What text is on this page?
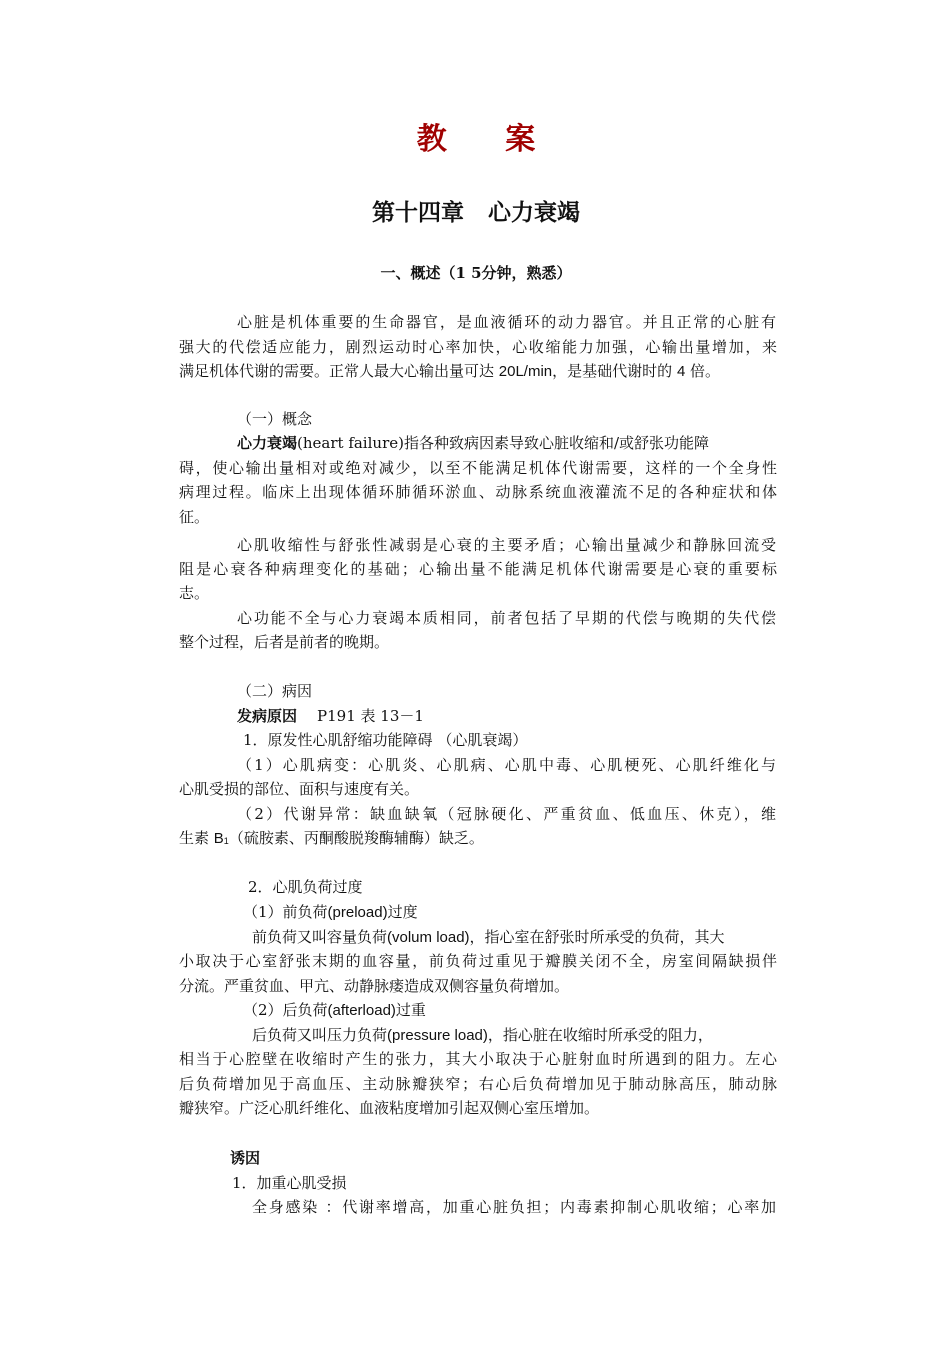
教 案
第十四章   心力衰竭
一、概述（1 5分钟，熟悉）

心脏是机体重要的生命器官，是血液循环的动力器官。并且正常的心脏有

强大的代偿适应能力，剧烈运动时心率加快，心收缩能力加强，心输出量增加，来

满足机体代谢的需要。正常人最大心输出量可达 20L/min，是基础代谢时的 4 倍。

（一）概念

心力衰竭(heart failure)指各种致病因素导致心脏收缩和/或舒张功能障

碍，使心输出量相对或绝对减少，以至不能满足机体代谢需要，这样的一个全身性

病理过程。临床上出现体循环肺循环淤血、动脉系统血液灌流不足的各种症状和体

征。

心肌收缩性与舒张性减弱是心衰的主要矛盾；心输出量减少和静脉回流受

阻是心衰各种病理变化的基础；心输出量不能满足机体代谢需要是心衰的重要标

志。

心功能不全与心力衰竭本质相同，前者包括了早期的代偿与晚期的失代偿

整个过程，后者是前者的晚期。

（二）病因

发病原因 P191 表 13－1

1．原发性心肌舒缩功能障碍 （心肌衰竭）

（1）心肌病变：心肌炎、心肌病、心肌中毒、心肌梗死、心肌纤维化与

心肌受损的部位、面积与速度有关。

（2）代谢异常：缺血缺氧（冠脉硬化、严重贫血、低血压、休克），维

生素 $B_1$（硫胺素、丙酮酸脱羧酶辅酶）缺乏。

2．心肌负荷过度

（1）前负荷(preload)过度

前负荷又叫容量负荷(volum load)，指心室在舒张时所承受的负荷，其大

小取决于心室舒张末期的血容量，前负荷过重见于瓣膜关闭不全，房室间隔缺损伴

分流。严重贫血、甲亢、动静脉瘘造成双侧容量负荷增加。

（2）后负荷(afterload)过重

后负荷又叫压力负荷(pressure load)，指心脏在收缩时所承受的阻力，

相当于心腔壁在收缩时产生的张力，其大小取决于心脏射血时所遇到的阻力。左心

后负荷增加见于高血压、主动脉瓣狭窄；右心后负荷增加见于肺动脉高压，肺动脉

瓣狭窄。广泛心肌纤维化、血液粘度增加引起双侧心室压增加。

诱因

1．加重心肌受损

全身感染 ：代谢率增高，加重心脏负担；内毒素抑制心肌收缩；心率加
